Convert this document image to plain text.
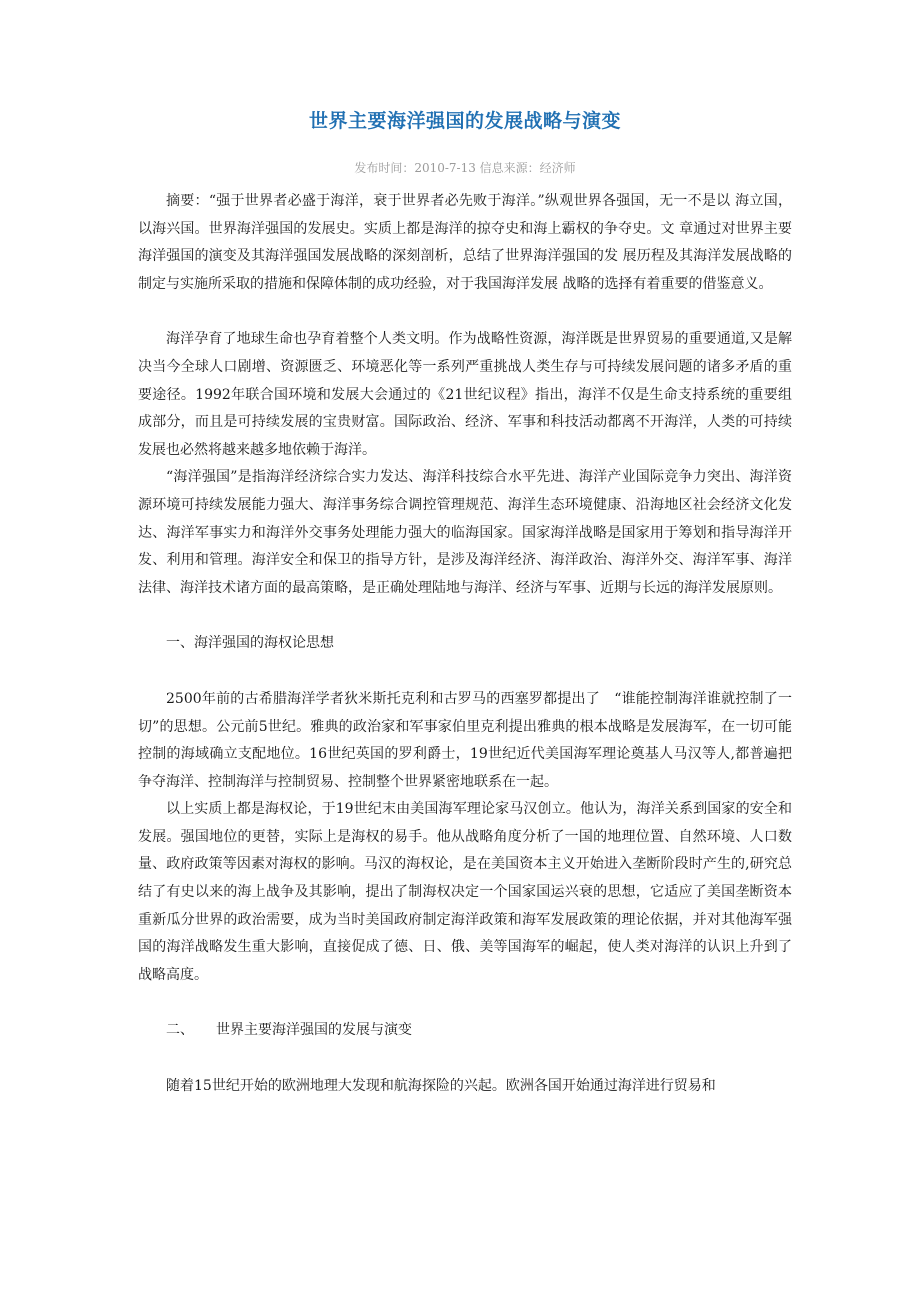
世界主要海洋强国的发展战略与演变
发布时间：2010-7-13 信息来源：经济师

摘要：“强于世界者必盛于海洋，衰于世界者必先败于海洋。”纵观世界各强国，无一不是以 海立国，以海兴国。世界海洋强国的发展史。实质上都是海洋的掠夺史和海上霸权的争夺史。文 章通过对世界主要海洋强国的演变及其海洋强国发展战略的深刻剖析，总结了世界海洋强国的发 展历程及其海洋发展战略的制定与实施所采取的措施和保障体制的成功经验，对于我国海洋发展 战略的选择有着重要的借鉴意义。

海洋孕育了地球生命也孕育着整个人类文明。作为战略性资源，海洋既是世界贸易的重要通道,又是解决当今全球人口剧增、资源匮乏、环境恶化等一系列严重挑战人类生存与可持续发展问题的诸多矛盾的重要途径。1992年联合国环境和发展大会通过的《21世纪议程》指出，海洋不仅是生命支持系统的重要组成部分，而且是可持续发展的宝贵财富。国际政治、经济、军事和科技活动都离不开海洋，人类的可持续发展也必然将越来越多地依赖于海洋。

“海洋强国”是指海洋经济综合实力发达、海洋科技综合水平先进、海洋产业国际竞争力突出、海洋资源环境可持续发展能力强大、海洋事务综合调控管理规范、海洋生态环境健康、沿海地区社会经济文化发达、海洋军事实力和海洋外交事务处理能力强大的临海国家。国家海洋战略是国家用于筹划和指导海洋开发、利用和管理。海洋安全和保卫的指导方针，是涉及海洋经济、海洋政治、海洋外交、海洋军事、海洋法律、海洋技术诸方面的最高策略，是正确处理陆地与海洋、经济与军事、近期与长远的海洋发展原则。

一、海洋强国的海权论思想

2500年前的古希腊海洋学者狄米斯托克利和古罗马的西塞罗都提出了　“谁能控制海洋谁就控制了一切”的思想。公元前5世纪。雅典的政治家和军事家伯里克利提出雅典的根本战略是发展海军，在一切可能控制的海域确立支配地位。16世纪英国的罗利爵士，19世纪近代美国海军理论奠基人马汉等人,都普遍把争夺海洋、控制海洋与控制贸易、控制整个世界紧密地联系在一起。

以上实质上都是海权论，于19世纪末由美国海军理论家马汉创立。他认为，海洋关系到国家的安全和发展。强国地位的更替，实际上是海权的易手。他从战略角度分析了一国的地理位置、自然环境、人口数量、政府政策等因素对海权的影响。马汉的海权论，是在美国资本主义开始进入垄断阶段时产生的,研究总结了有史以来的海上战争及其影响，提出了制海权决定一个国家国运兴衰的思想，它适应了美国垄断资本重新瓜分世界的政治需要，成为当时美国政府制定海洋政策和海军发展政策的理论依据，并对其他海军强国的海洋战略发生重大影响，直接促成了德、日、俄、美等国海军的崛起，使人类对海洋的认识上升到了战略高度。

二、 世界主要海洋强国的发展与演变

随着15世纪开始的欧洲地理大发现和航海探险的兴起。欧洲各国开始通过海洋进行贸易和
